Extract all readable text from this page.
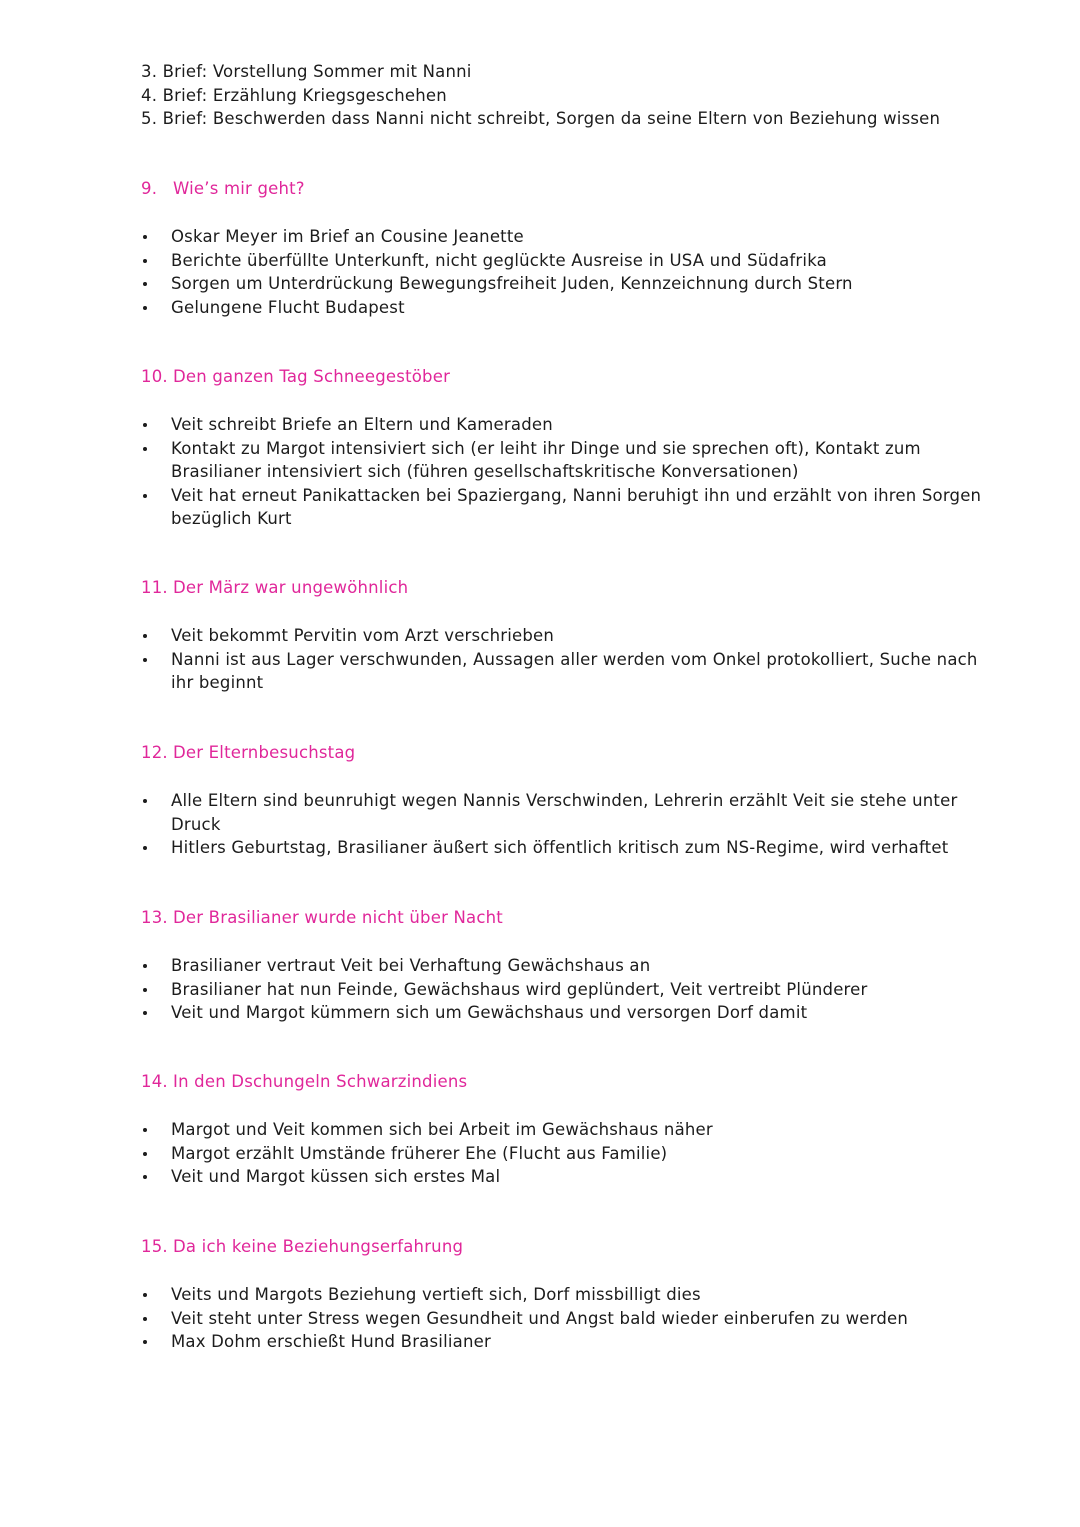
3. Brief: Vorstellung Sommer mit Nanni
4. Brief: Erzählung Kriegsgeschehen
5. Brief: Beschwerden dass Nanni nicht schreibt, Sorgen da seine Eltern von Beziehung wissen
9. Wie’s mir geht?
Oskar Meyer im Brief an Cousine Jeanette
Berichte überfüllte Unterkunft, nicht geglückte Ausreise in USA und Südafrika
Sorgen um Unterdrückung Bewegungsfreiheit Juden, Kennzeichnung durch Stern
Gelungene Flucht Budapest
10. Den ganzen Tag Schneegestöber
Veit schreibt Briefe an Eltern und Kameraden
Kontakt zu Margot intensiviert sich (er leiht ihr Dinge und sie sprechen oft), Kontakt zum Brasilianer intensiviert sich (führen gesellschaftskritische Konversationen)
Veit hat erneut Panikattacken bei Spaziergang, Nanni beruhigt ihn und erzählt von ihren Sorgen bezüglich Kurt
11. Der März war ungewöhnlich
Veit bekommt Pervitin vom Arzt verschrieben
Nanni ist aus Lager verschwunden, Aussagen aller werden vom Onkel protokolliert, Suche nach ihr beginnt
12. Der Elternbesuchstag
Alle Eltern sind beunruhigt wegen Nannis Verschwinden, Lehrerin erzählt Veit sie stehe unter Druck
Hitlers Geburtstag, Brasilianer äußert sich öffentlich kritisch zum NS-Regime, wird verhaftet
13. Der Brasilianer wurde nicht über Nacht
Brasilianer vertraut Veit bei Verhaftung Gewächshaus an
Brasilianer hat nun Feinde, Gewächshaus wird geplündert, Veit vertreibt Plünderer
Veit und Margot kümmern sich um Gewächshaus und versorgen Dorf damit
14. In den Dschungeln Schwarzindiens
Margot und Veit kommen sich bei Arbeit im Gewächshaus näher
Margot erzählt Umstände früherer Ehe (Flucht aus Familie)
Veit und Margot küssen sich erstes Mal
15. Da ich keine Beziehungserfahrung
Veits und Margots Beziehung vertieft sich, Dorf missbilligt dies
Veit steht unter Stress wegen Gesundheit und Angst bald wieder einberufen zu werden
Max Dohm erschießt Hund Brasilianer
